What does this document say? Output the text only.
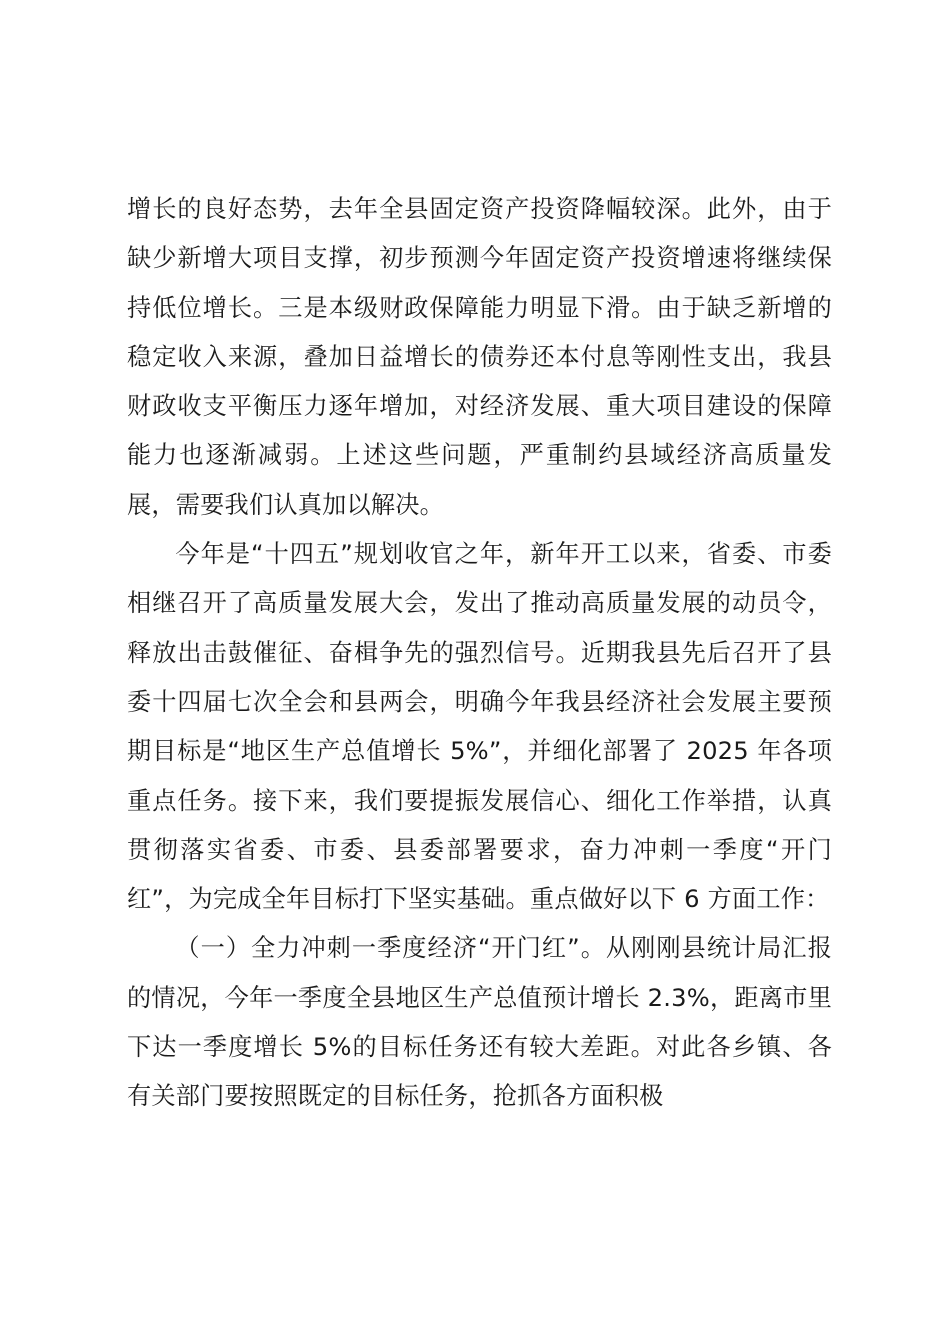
增长的良好态势，去年全县固定资产投资降幅较深。此外，由于缺少新增大项目支撑，初步预测今年固定资产投资增速将继续保持低位增长。三是本级财政保障能力明显下滑。由于缺乏新增的稳定收入来源，叠加日益增长的债券还本付息等刚性支出，我县财政收支平衡压力逐年增加，对经济发展、重大项目建设的保障能力也逐渐减弱。上述这些问题，严重制约县域经济高质量发展，需要我们认真加以解决。

今年是“十四五”规划收官之年，新年开工以来，省委、市委相继召开了高质量发展大会，发出了推动高质量发展的动员令，释放出击鼓催征、奋楫争先的强烈信号。近期我县先后召开了县委十四届七次全会和县两会，明确今年我县经济社会发展主要预期目标是“地区生产总值增长 5%”，并细化部署了 2025 年各项重点任务。接下来，我们要提振发展信心、细化工作举措，认真贯彻落实省委、市委、县委部署要求，奋力冲刺一季度“开门红”，为完成全年目标打下坚实基础。重点做好以下 6 方面工作：

（一）全力冲刺一季度经济“开门红”。从刚刚县统计局汇报的情况，今年一季度全县地区生产总值预计增长 2.3%，距离市里下达一季度增长 5%的目标任务还有较大差距。对此各乡镇、各有关部门要按照既定的目标任务，抢抓各方面积极
